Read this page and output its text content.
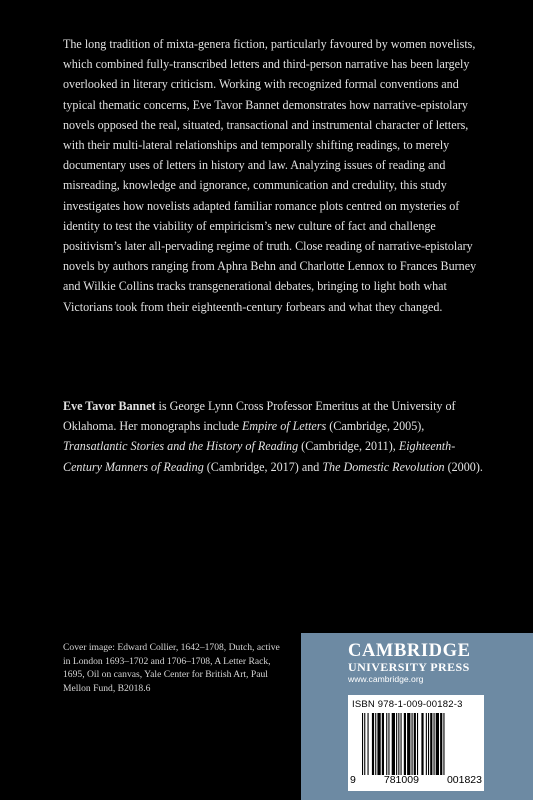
The long tradition of mixta-genera fiction, particularly favoured by women novelists, which combined fully-transcribed letters and third-person narrative has been largely overlooked in literary criticism. Working with recognized formal conventions and typical thematic concerns, Eve Tavor Bannet demonstrates how narrative-epistolary novels opposed the real, situated, transactional and instrumental character of letters, with their multi-lateral relationships and temporally shifting readings, to merely documentary uses of letters in history and law. Analyzing issues of reading and misreading, knowledge and ignorance, communication and credulity, this study investigates how novelists adapted familiar romance plots centred on mysteries of identity to test the viability of empiricism’s new culture of fact and challenge positivism’s later all-pervading regime of truth. Close reading of narrative-epistolary novels by authors ranging from Aphra Behn and Charlotte Lennox to Frances Burney and Wilkie Collins tracks transgenerational debates, bringing to light both what Victorians took from their eighteenth-century forbears and what they changed.

Eve Tavor Bannet is George Lynn Cross Professor Emeritus at the University of Oklahoma. Her monographs include Empire of Letters (Cambridge, 2005), Transatlantic Stories and the History of Reading (Cambridge, 2011), Eighteenth-Century Manners of Reading (Cambridge, 2017) and The Domestic Revolution (2000).

Cover image: Edward Collier, 1642–1708, Dutch, active in London 1693–1702 and 1706–1708, A Letter Rack, 1695, Oil on canvas, Yale Center for British Art, Paul Mellon Fund, B2018.6

CAMBRIDGE
UNIVERSITY PRESS
www.cambridge.org
ISBN 978-1-009-00182-3
9	781009	001823
